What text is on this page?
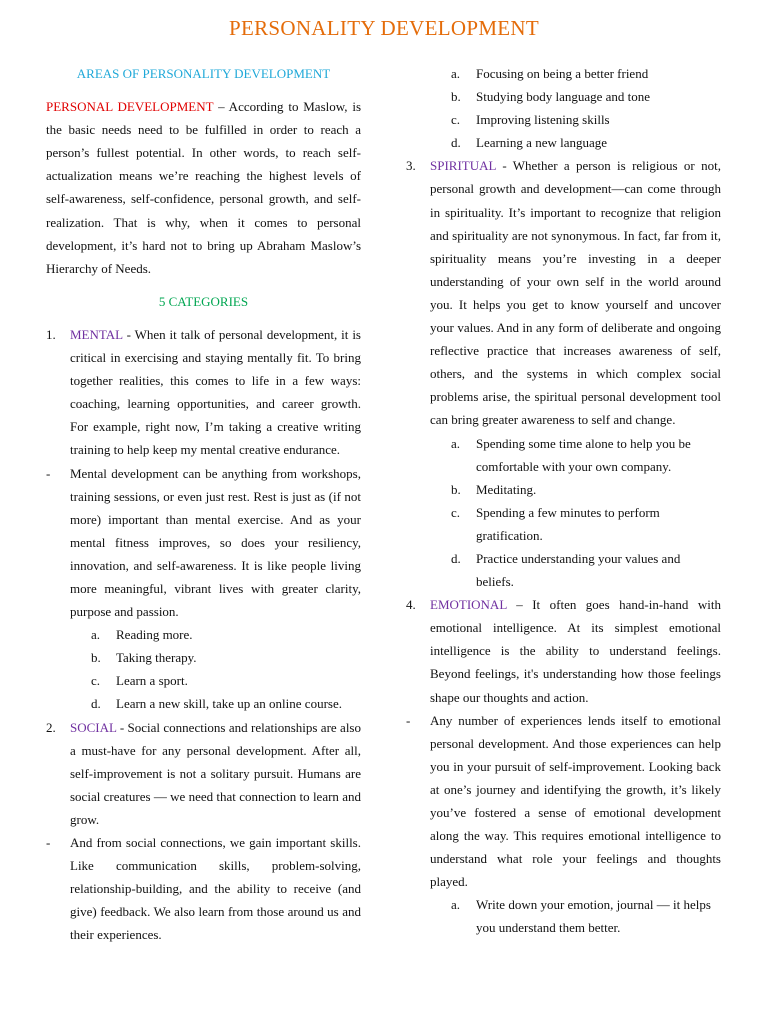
PERSONALITY DEVELOPMENT

AREAS OF PERSONALITY DEVELOPMENT

PERSONAL DEVELOPMENT – According to Maslow, is the basic needs need to be fulfilled in order to reach a person’s fullest potential. In other words, to reach self-actualization means we’re reaching the highest levels of self-awareness, self-confidence, personal growth, and self-realization. That is why, when it comes to personal development, it’s hard not to bring up Abraham Maslow’s Hierarchy of Needs.

5 CATEGORIES

1.	MENTAL - When it talk of personal development, it is critical in exercising and staying mentally fit. To bring together realities, this comes to life in a few ways: coaching, learning opportunities, and career growth. For example, right now, I’m taking a creative writing training to help keep my mental creative endurance.
-	Mental development can be anything from workshops, training sessions, or even just rest. Rest is just as (if not more) important than mental exercise. And as your mental fitness improves, so does your resiliency, innovation, and self-awareness. It is like people living more meaningful, vibrant lives with greater clarity, purpose and passion.
a.	Reading more.
b.	Taking therapy.
c.	Learn a sport.
d.	Learn a new skill, take up an online course.
2.	SOCIAL - Social connections and relationships are also a must-have for any personal development. After all, self-improvement is not a solitary pursuit. Humans are social creatures — we need that connection to learn and grow.
-	And from social connections, we gain important skills. Like communication skills, problem-solving, relationship-building, and the ability to receive (and give) feedback. We also learn from those around us and their experiences.
a.	Focusing on being a better friend
b.	Studying body language and tone
c.	Improving listening skills
d.	Learning a new language
3.	SPIRITUAL - Whether a person is religious or not, personal growth and development—can come through in spirituality. It’s important to recognize that religion and spirituality are not synonymous. In fact, far from it, spirituality means you’re investing in a deeper understanding of your own self in the world around you. It helps you get to know yourself and uncover your values. And in any form of deliberate and ongoing reflective practice that increases awareness of self, others, and the systems in which complex social problems arise, the spiritual personal development tool can bring greater awareness to self and change.
a.	Spending some time alone to help you be comfortable with your own company.
b.	Meditating.
c.	Spending a few minutes to perform gratification.
d.	Practice understanding your values and beliefs.
4.	EMOTIONAL – It often goes hand-in-hand with emotional intelligence. At its simplest emotional intelligence is the ability to understand feelings. Beyond feelings, it's understanding how those feelings shape our thoughts and action.
-	Any number of experiences lends itself to emotional personal development. And those experiences can help you in your pursuit of self-improvement. Looking back at one’s journey and identifying the growth, it’s likely you’ve fostered a sense of emotional development along the way. This requires emotional intelligence to understand what role your feelings and thoughts played.
a.	Write down your emotion, journal — it helps you understand them better.
